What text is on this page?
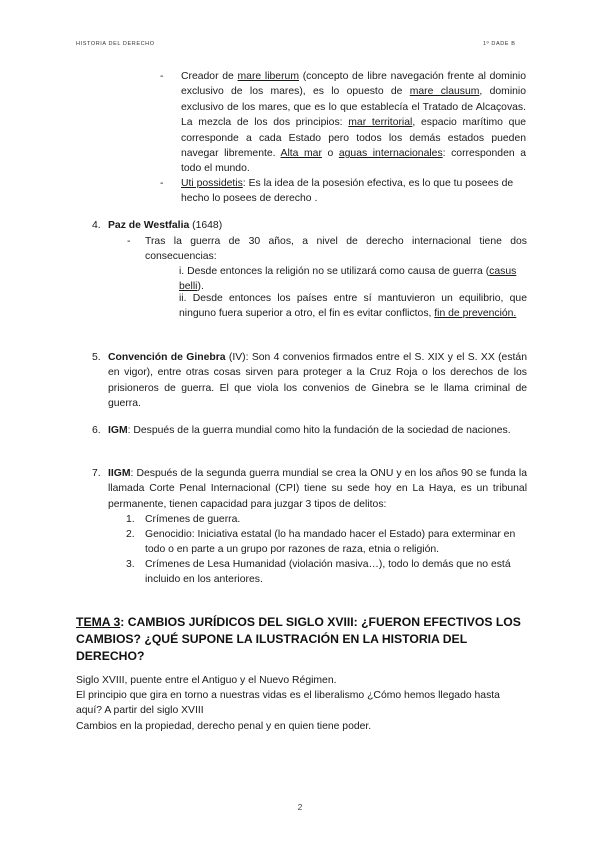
HISTORIA DEL DERECHO	1º DADE B
- Creador de mare liberum (concepto de libre navegación frente al dominio exclusivo de los mares), es lo opuesto de mare clausum, dominio exclusivo de los mares, que es lo que establecía el Tratado de Alcaçovas. La mezcla de los dos principios: mar territorial, espacio marítimo que corresponde a cada Estado pero todos los demás estados pueden navegar libremente. Alta mar o aguas internacionales: corresponden a todo el mundo.
- Uti possidetis: Es la idea de la posesión efectiva, es lo que tu posees de hecho lo posees de derecho .
4. Paz de Westfalia (1648)
- Tras la guerra de 30 años, a nivel de derecho internacional tiene dos consecuencias:
i. Desde entonces la religión no se utilizará como causa de guerra (casus belli).
ii. Desde entonces los países entre sí mantuvieron un equilibrio, que ninguno fuera superior a otro, el fin es evitar conflictos, fin de prevención.
5. Convención de Ginebra (IV): Son 4 convenios firmados entre el S. XIX y el S. XX (están en vigor), entre otras cosas sirven para proteger a la Cruz Roja o los derechos de los prisioneros de guerra. El que viola los convenios de Ginebra se le llama criminal de guerra.
6. IGM: Después de la guerra mundial como hito la fundación de la sociedad de naciones.
7. IIGM: Después de la segunda guerra mundial se crea la ONU y en los años 90 se funda la llamada Corte Penal Internacional (CPI) tiene su sede hoy en La Haya, es un tribunal permanente, tienen capacidad para juzgar 3 tipos de delitos:
1. Crímenes de guerra.
2. Genocidio: Iniciativa estatal (lo ha mandado hacer el Estado) para exterminar en todo o en parte a un grupo por razones de raza, etnia o religión.
3. Crímenes de Lesa Humanidad (violación masiva…), todo lo demás que no está incluido en los anteriores.
TEMA 3: CAMBIOS JURÍDICOS DEL SIGLO XVIII: ¿FUERON EFECTIVOS LOS CAMBIOS? ¿QUÉ SUPONE LA ILUSTRACIÓN EN LA HISTORIA DEL DERECHO?
Siglo XVIII, puente entre el Antiguo y el Nuevo Régimen.
El principio que gira en torno a nuestras vidas es el liberalismo ¿Cómo hemos llegado hasta aquí? A partir del siglo XVIII
Cambios en la propiedad, derecho penal y en quien tiene poder.
2
